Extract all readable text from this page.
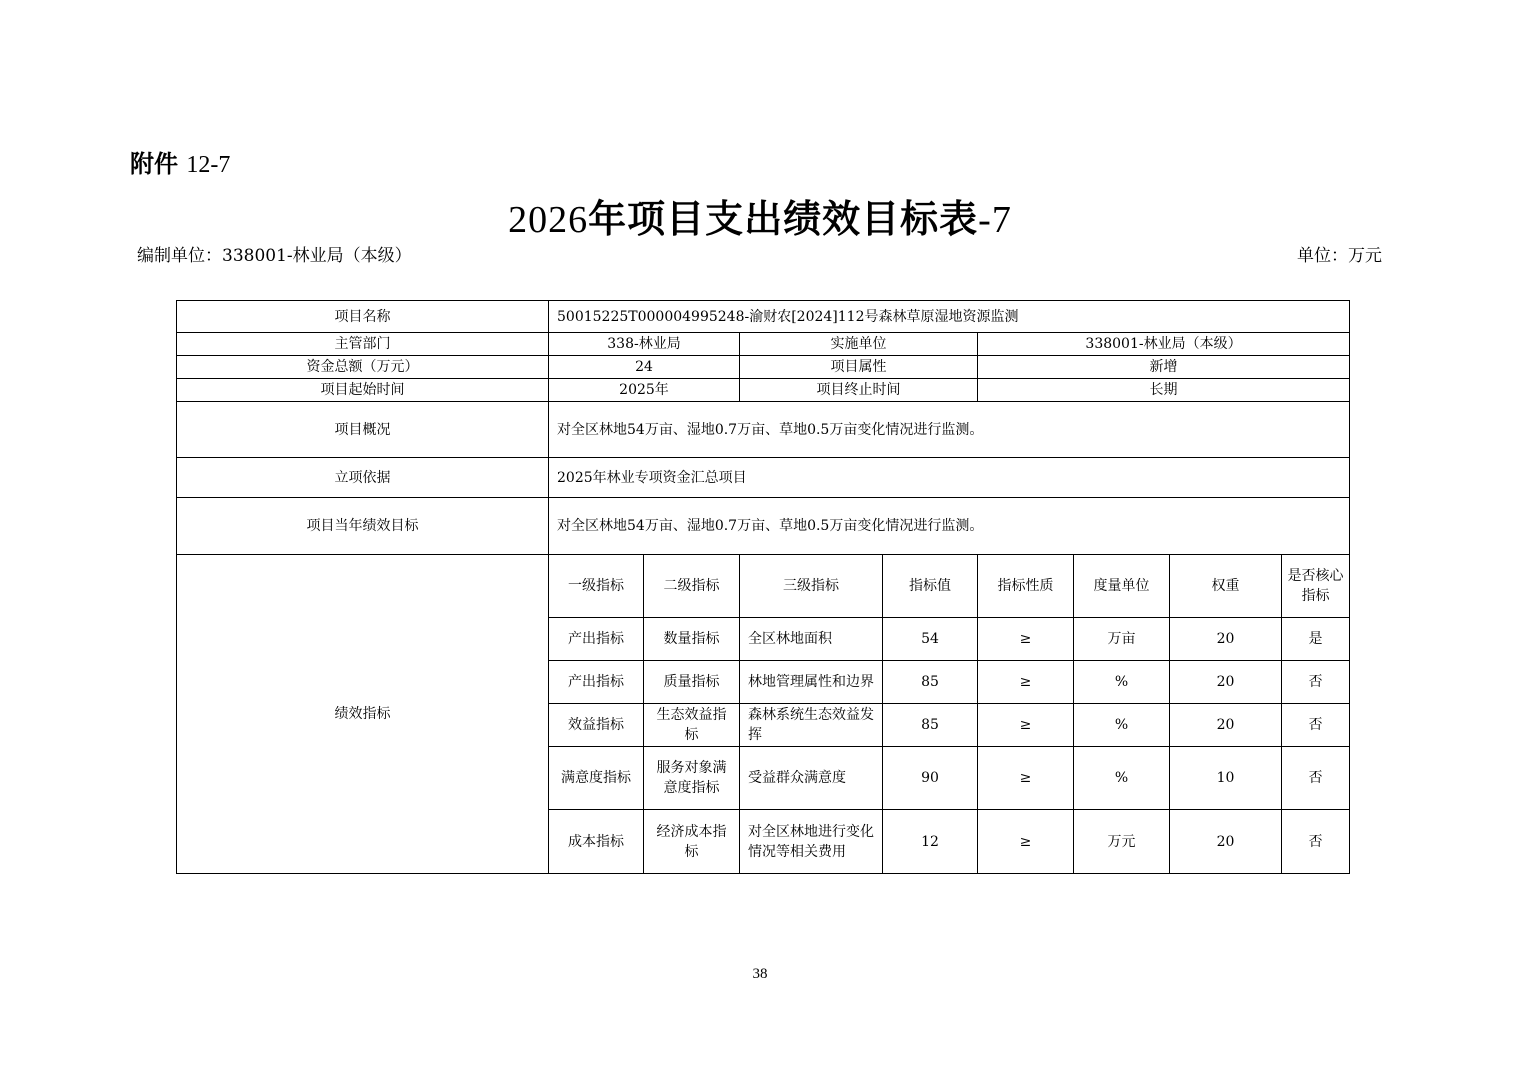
附件 12-7
2026年项目支出绩效目标表-7
编制单位：338001-林业局（本级）	单位：万元
项目名称	50015225T000004995248-渝财农[2024]112号森林草原湿地资源监测							
主管部门	338-林业局		实施单位		338001-林业局（本级）			
资金总额（万元）	24		项目属性		新增			
项目起始时间	2025年		项目终止时间		长期			
项目概况	对全区林地54万亩、湿地0.7万亩、草地0.5万亩变化情况进行监测。							
立项依据	2025年林业专项资金汇总项目							
项目当年绩效目标	对全区林地54万亩、湿地0.7万亩、草地0.5万亩变化情况进行监测。							
绩效指标	一级指标	二级指标	三级指标	指标值	指标性质	度量单位	权重	是否核心指标
	产出指标	数量指标	全区林地面积	54	≥	万亩	20	是
	产出指标	质量指标	林地管理属性和边界	85	≥	%	20	否
	效益指标	生态效益指标	森林系统生态效益发挥	85	≥	%	20	否
	满意度指标	服务对象满意度指标	受益群众满意度	90	≥	%	10	否
	成本指标	经济成本指标	对全区林地进行变化情况等相关费用	12	≥	万元	20	否
38
